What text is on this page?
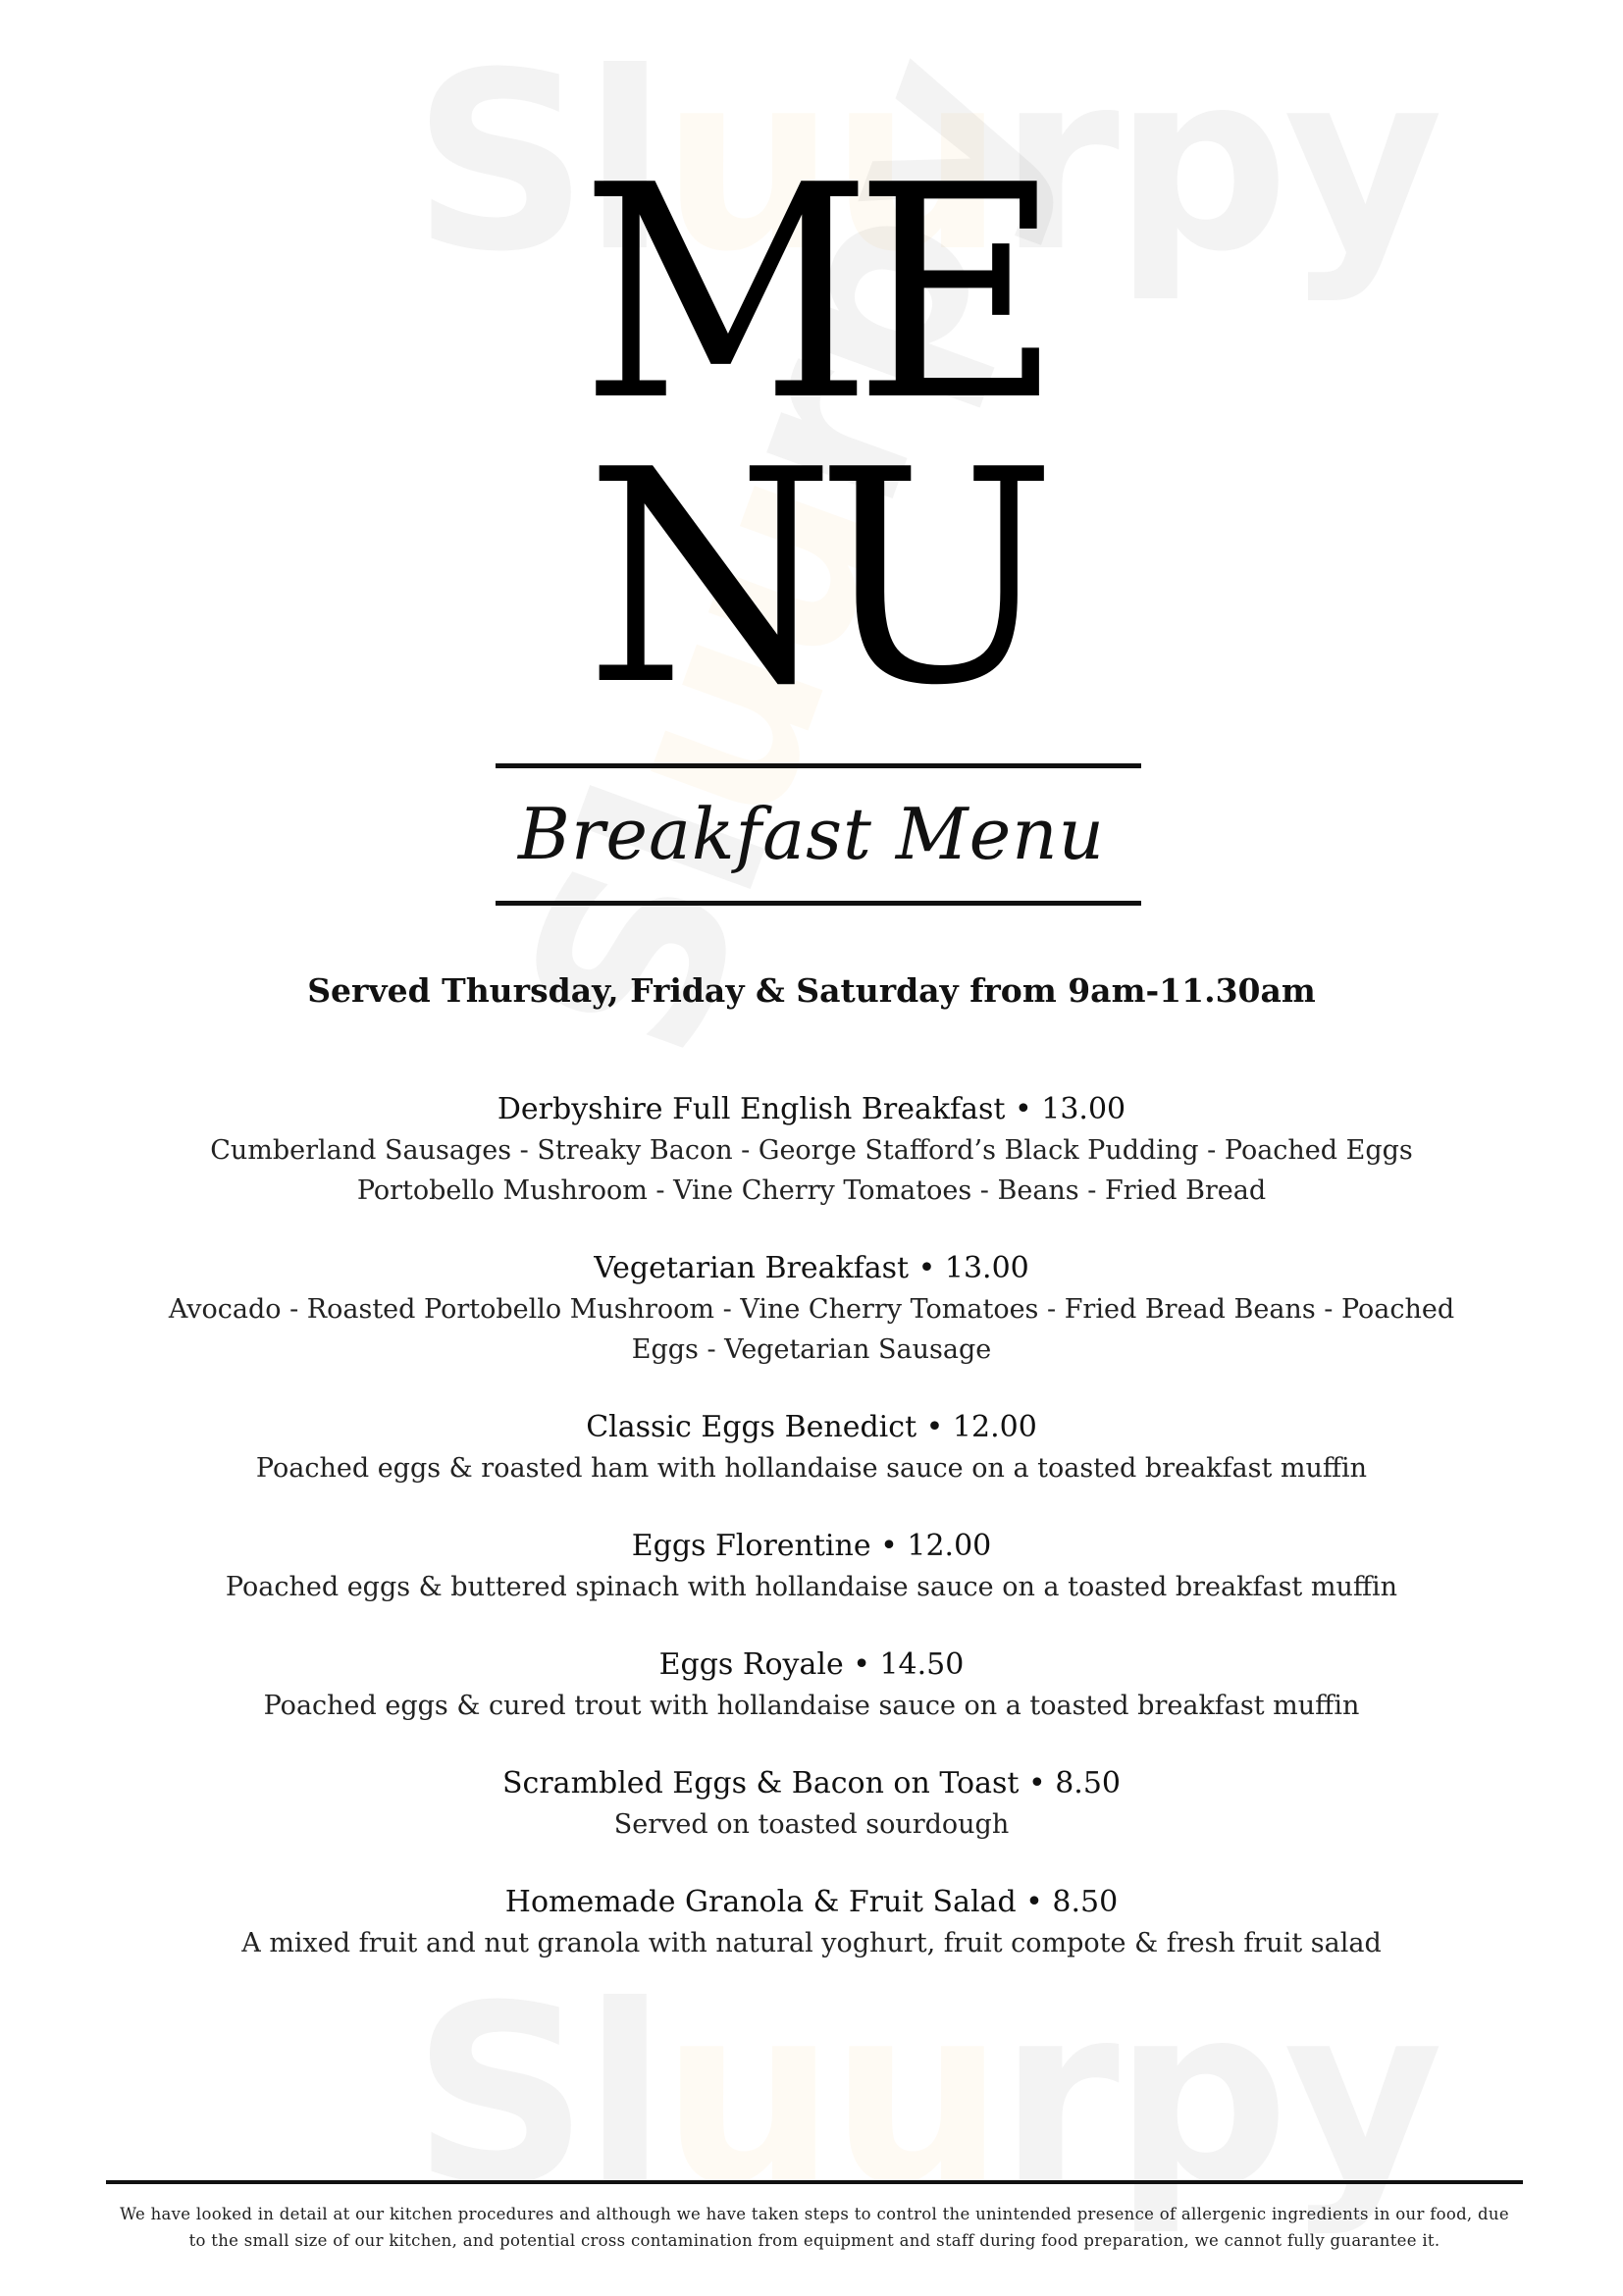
ME
NU
Breakfast Menu
Served Thursday, Friday & Saturday from 9am-11.30am
Derbyshire Full English Breakfast • 13.00
Cumberland Sausages - Streaky Bacon - George Stafford’s Black Pudding - Poached Eggs
Portobello Mushroom - Vine Cherry Tomatoes - Beans - Fried Bread
Vegetarian Breakfast • 13.00
Avocado - Roasted Portobello Mushroom - Vine Cherry Tomatoes - Fried Bread Beans - Poached
Eggs - Vegetarian Sausage
Classic Eggs Benedict • 12.00
Poached eggs & roasted ham with hollandaise sauce on a toasted breakfast muffin
Eggs Florentine • 12.00
Poached eggs & buttered spinach with hollandaise sauce on a toasted breakfast muffin
Eggs Royale • 14.50
Poached eggs & cured trout with hollandaise sauce on a toasted breakfast muffin
Scrambled Eggs & Bacon on Toast • 8.50
Served on toasted sourdough
Homemade Granola & Fruit Salad • 8.50
A mixed fruit and nut granola with natural yoghurt, fruit compote & fresh fruit salad
We have looked in detail at our kitchen procedures and although we have taken steps to control the unintended presence of allergenic ingredients in our food, due
to the small size of our kitchen, and potential cross contamination from equipment and staff during food preparation, we cannot fully guarantee it.
